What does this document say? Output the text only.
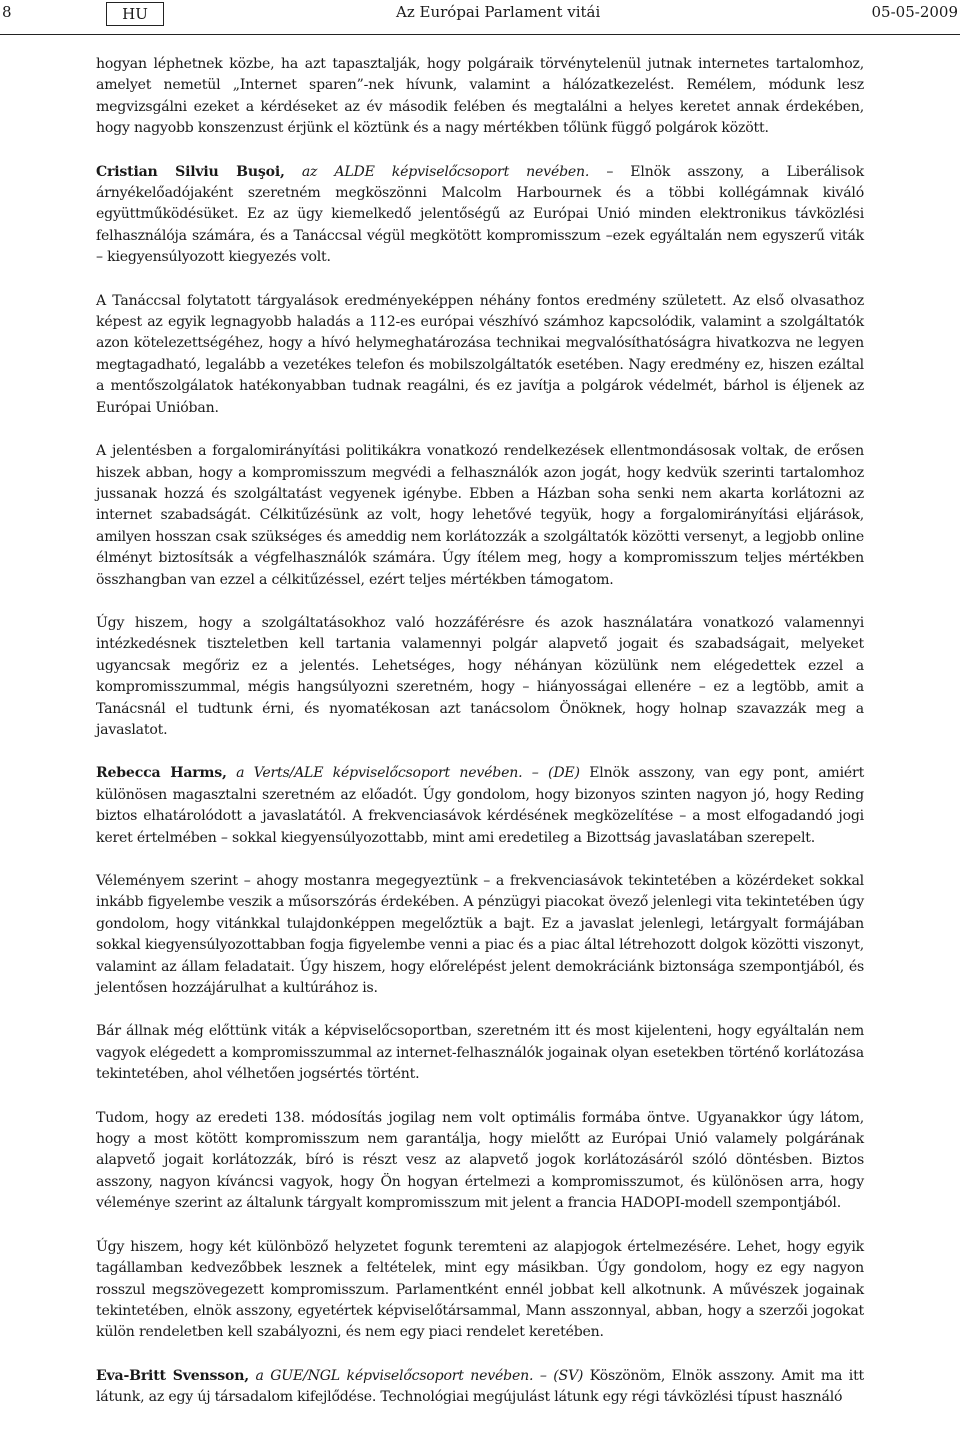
8	HU	Az Európai Parlament vitái	05-05-2009

hogyan léphetnek közbe, ha azt tapasztalják, hogy polgáraik törvénytelenül jutnak internetes tartalomhoz, amelyet nemetül „Internet sparen”-nek hívunk, valamint a hálózatkezelést. Remélem, módunk lesz megvizsgálni ezeket a kérdéseket az év második felében és megtalálni a helyes keretet annak érdekében, hogy nagyobb konszenzust érjünk el köztünk és a nagy mértékben tőlünk függő polgárok között.

Cristian Silviu Buşoi, az ALDE képviselőcsoport nevében. – Elnök asszony, a Liberálisok árnyékelőadójaként szeretném megköszönni Malcolm Harbournek és a többi kollégámnak kiváló együttműködésüket. Ez az ügy kiemelkedő jelentőségű az Európai Unió minden elektronikus távközlési felhasználója számára, és a Tanáccsal végül megkötött kompromisszum –ezek egyáltalán nem egyszerű viták – kiegyensúlyozott kiegyezés volt.

A Tanáccsal folytatott tárgyalások eredményeképpen néhány fontos eredmény született. Az első olvasathoz képest az egyik legnagyobb haladás a 112-es európai vészhívó számhoz kapcsolódik, valamint a szolgáltatók azon kötelezettségéhez, hogy a hívó helymeghatározása technikai megvalósíthatóságra hivatkozva ne legyen megtagadható, legalább a vezetékes telefon és mobilszolgáltatók esetében. Nagy eredmény ez, hiszen ezáltal a mentőszolgálatok hatékonyabban tudnak reagálni, és ez javítja a polgárok védelmét, bárhol is éljenek az Európai Unióban.

A jelentésben a forgalomirányítási politikákra vonatkozó rendelkezések ellentmondásosak voltak, de erősen hiszek abban, hogy a kompromisszum megvédi a felhasználók azon jogát, hogy kedvük szerinti tartalomhoz jussanak hozzá és szolgáltatást vegyenek igénybe. Ebben a Házban soha senki nem akarta korlátozni az internet szabadságát. Célkitűzésünk az volt, hogy lehetővé tegyük, hogy a forgalomirányítási eljárások, amilyen hosszan csak szükséges és ameddig nem korlátozzák a szolgáltatók közötti versenyt, a legjobb online élményt biztosítsák a végfelhasználók számára. Úgy ítélem meg, hogy a kompromisszum teljes mértékben összhangban van ezzel a célkitűzéssel, ezért teljes mértékben támogatom.

Úgy hiszem, hogy a szolgáltatásokhoz való hozzáférésre és azok használatára vonatkozó valamennyi intézkedésnek tiszteletben kell tartania valamennyi polgár alapvető jogait és szabadságait, melyeket ugyancsak megőriz ez a jelentés. Lehetséges, hogy néhányan közülünk nem elégedettek ezzel a kompromisszummal, mégis hangsúlyozni szeretném, hogy – hiányosságai ellenére – ez a legtöbb, amit a Tanácsnál el tudtunk érni, és nyomatékosan azt tanácsolom Önöknek, hogy holnap szavazzák meg a javaslatot.

Rebecca Harms, a Verts/ALE képviselőcsoport nevében. – (DE) Elnök asszony, van egy pont, amiért különösen magasztalni szeretném az előadót. Úgy gondolom, hogy bizonyos szinten nagyon jó, hogy Reding biztos elhatárolódott a javaslatától. A frekvenciasávok kérdésének megközelítése – a most elfogadandó jogi keret értelmében – sokkal kiegyensúlyozottabb, mint ami eredetileg a Bizottság javaslatában szerepelt.

Véleményem szerint – ahogy mostanra megegyeztünk – a frekvenciasávok tekintetében a közérdeket sokkal inkább figyelembe veszik a műsorszórás érdekében. A pénzügyi piacokat övező jelenlegi vita tekintetében úgy gondolom, hogy vitánkkal tulajdonképpen megelőztük a bajt. Ez a javaslat jelenlegi, letárgyalt formájában sokkal kiegyensúlyozottabban fogja figyelembe venni a piac és a piac által létrehozott dolgok közötti viszonyt, valamint az állam feladatait. Úgy hiszem, hogy előrelépést jelent demokráciánk biztonsága szempontjából, és jelentősen hozzájárulhat a kultúrához is.

Bár állnak még előttünk viták a képviselőcsoportban, szeretném itt és most kijelenteni, hogy egyáltalán nem vagyok elégedett a kompromisszummal az internet-felhasználók jogainak olyan esetekben történő korlátozása tekintetében, ahol vélhetően jogsértés történt.

Tudom, hogy az eredeti 138. módosítás jogilag nem volt optimális formába öntve. Ugyanakkor úgy látom, hogy a most kötött kompromisszum nem garantálja, hogy mielőtt az Európai Unió valamely polgárának alapvető jogait korlátozzák, bíró is részt vesz az alapvető jogok korlátozásáról szóló döntésben. Biztos asszony, nagyon kíváncsi vagyok, hogy Ön hogyan értelmezi a kompromisszumot, és különösen arra, hogy véleménye szerint az általunk tárgyalt kompromisszum mit jelent a francia HADOPI-modell szempontjából.

Úgy hiszem, hogy két különböző helyzetet fogunk teremteni az alapjogok értelmezésére. Lehet, hogy egyik tagállamban kedvezőbbek lesznek a feltételek, mint egy másikban. Úgy gondolom, hogy ez egy nagyon rosszul megszövegezett kompromisszum. Parlamentként ennél jobbat kell alkotnunk. A művészek jogainak tekintetében, elnök asszony, egyetértek képviselőtársammal, Mann asszonnyal, abban, hogy a szerzői jogokat külön rendeletben kell szabályozni, és nem egy piaci rendelet keretében.

Eva-Britt Svensson, a GUE/NGL képviselőcsoport nevében. – (SV) Köszönöm, Elnök asszony. Amit ma itt látunk, az egy új társadalom kifejlődése. Technológiai megújulást látunk egy régi távközlési típust használó
